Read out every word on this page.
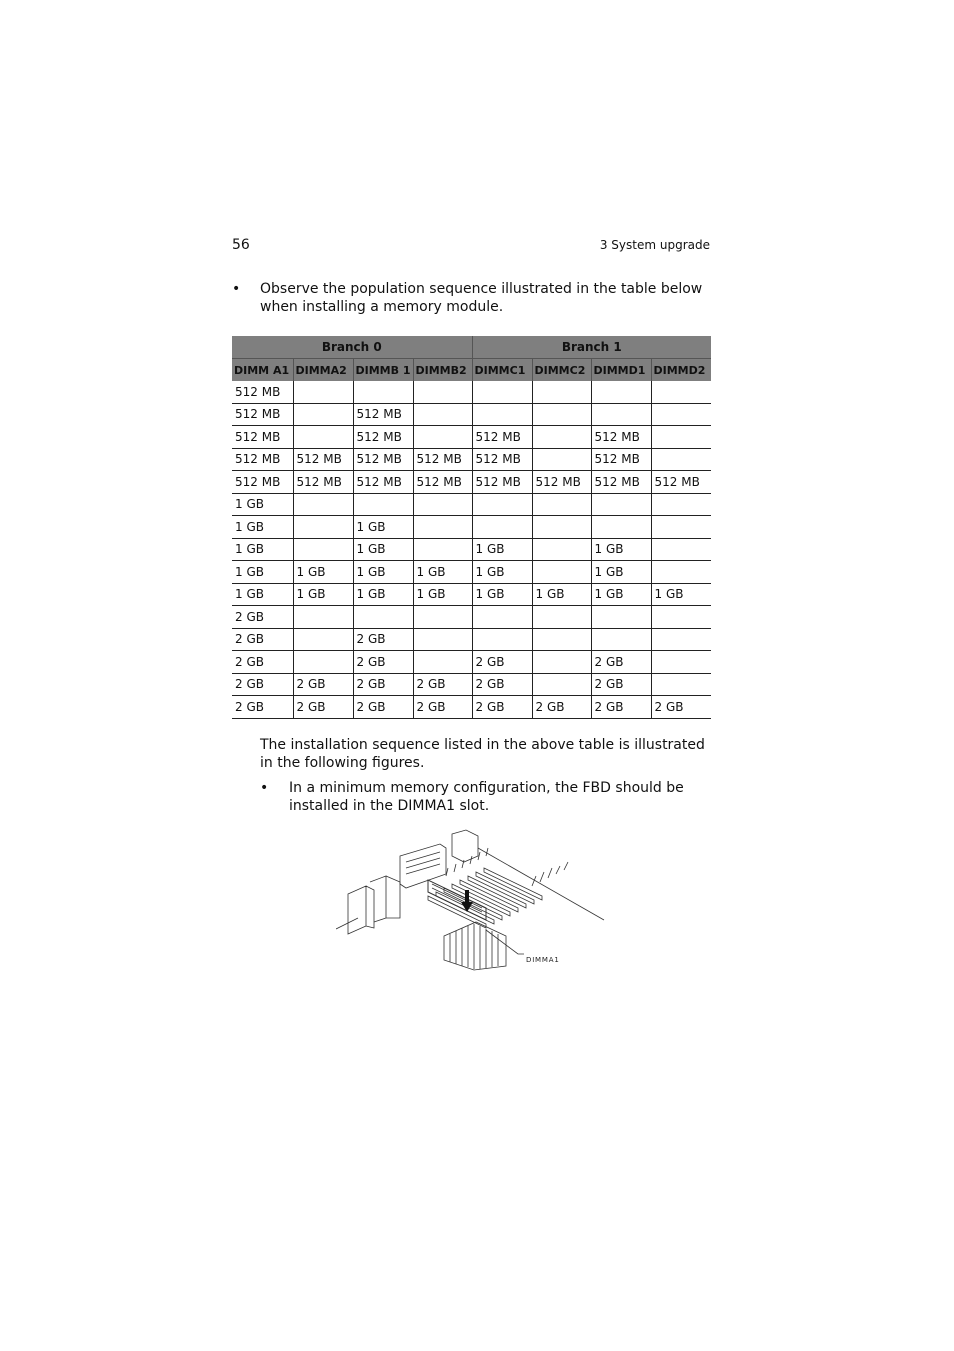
56	3 System upgrade
• Observe the population sequence illustrated in the table below when installing a memory module.
Branch 0				Branch 1			
DIMM A1	DIMMA2	DIMMB 1	DIMMB2	DIMMC1	DIMMC2	DIMMD1	DIMMD2
512 MB							
512 MB		512 MB					
512 MB		512 MB		512 MB		512 MB	
512 MB	512 MB	512 MB	512 MB	512 MB		512 MB	
512 MB	512 MB	512 MB	512 MB	512 MB	512 MB	512 MB	512 MB
1 GB							
1 GB		1 GB					
1 GB		1 GB		1 GB		1 GB	
1 GB	1 GB	1 GB	1 GB	1 GB		1 GB	
1 GB	1 GB	1 GB	1 GB	1 GB	1 GB	1 GB	1 GB
2 GB							
2 GB		2 GB					
2 GB		2 GB		2 GB		2 GB	
2 GB	2 GB	2 GB	2 GB	2 GB		2 GB	
2 GB	2 GB	2 GB	2 GB	2 GB	2 GB	2 GB	2 GB
The installation sequence listed in the above table is illustrated in the following figures.
• In a minimum memory configuration, the FBD should be installed in the DIMMA1 slot.
DIMMA1
